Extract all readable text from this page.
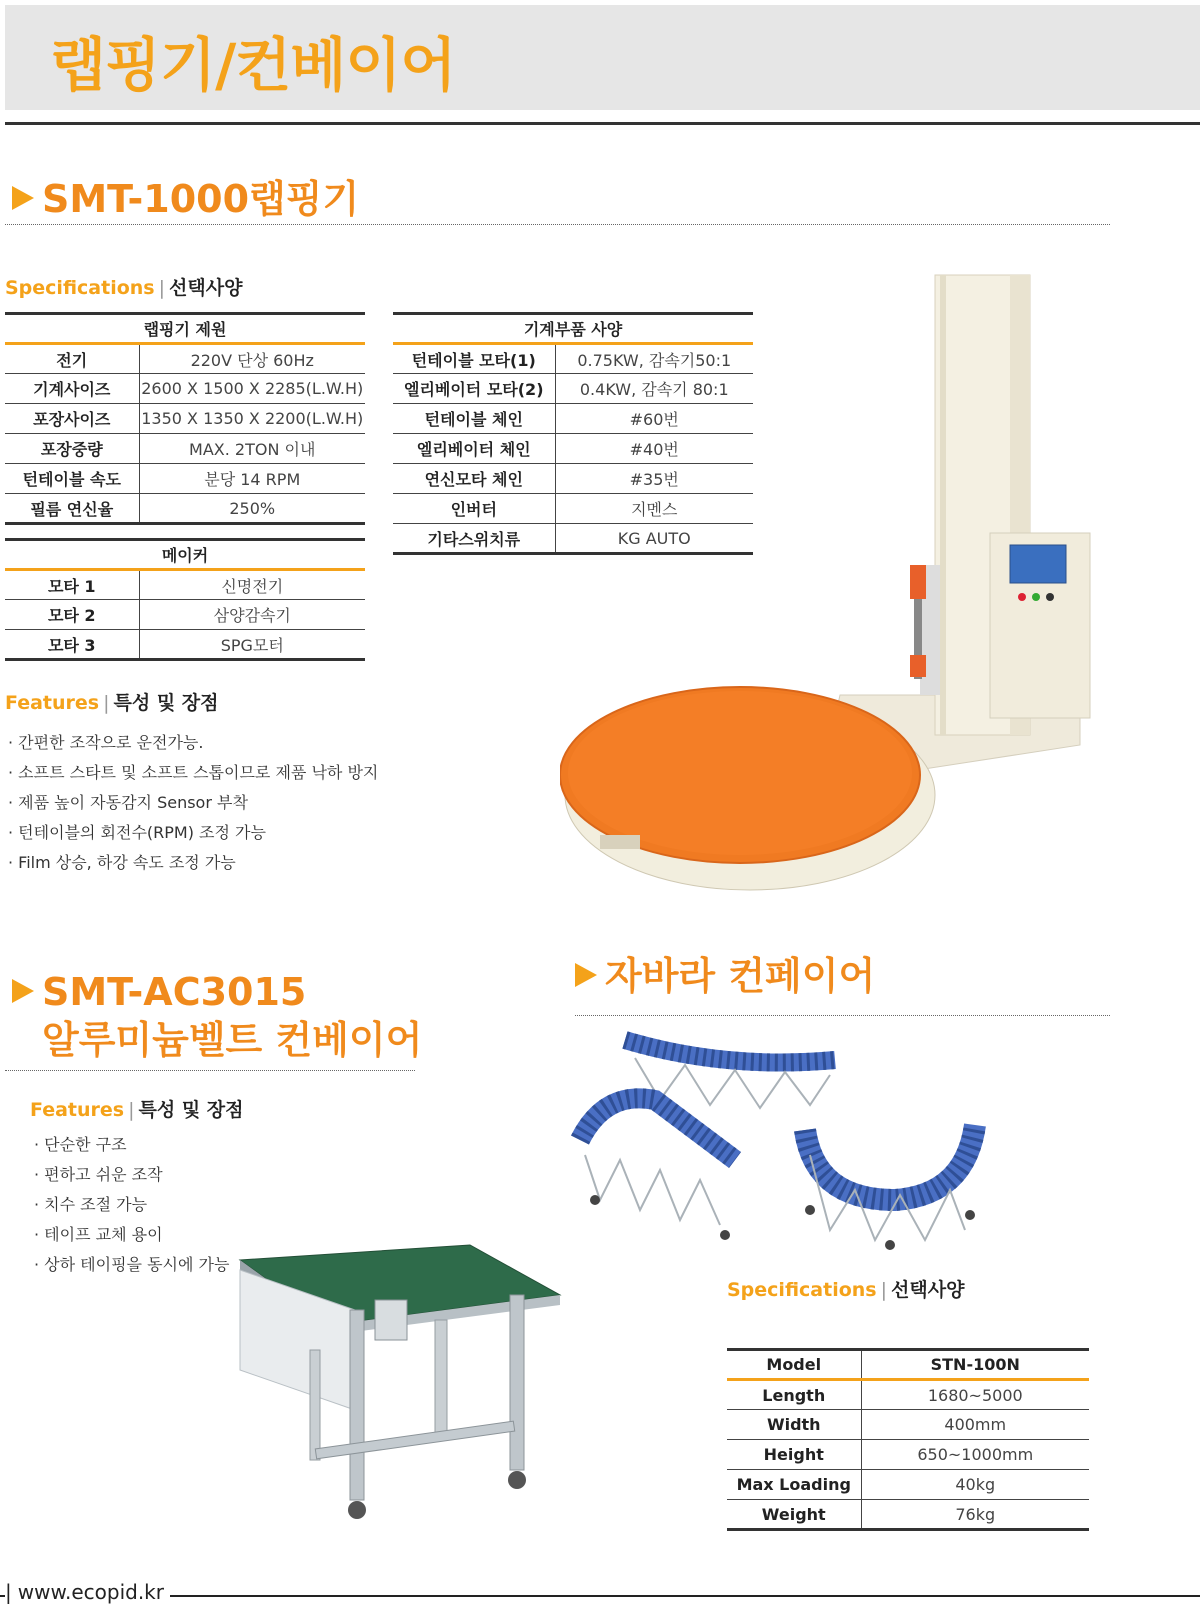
랩핑기/컨베이어
SMT-1000랩핑기
Specifications | 선택사양
랩핑기 제원	
전기	220V 단상 60Hz
기계사이즈	2600 X 1500 X 2285(L.W.H)
포장사이즈	1350 X 1350 X 2200(L.W.H)
포장중량	MAX. 2TON 이내
턴테이블 속도	분당 14 RPM
필름 연신율	250%
메이커	
모타 1	신명전기
모타 2	삼양감속기
모타 3	SPG모터
기계부품 사양	
턴테이블 모타(1)	0.75KW, 감속기50:1
엘리베이터 모타(2)	0.4KW, 감속기 80:1
턴테이블 체인	#60번
엘리베이터 체인	#40번
연신모타 체인	#35번
인버터	지멘스
기타스위치류	KG AUTO
Features | 특성 및 장점
· 간편한 조작으로 운전가능.
· 소프트 스타트 및 소프트 스톱이므로 제품 낙하 방지
· 제품 높이 자동감지 Sensor 부착
· 턴테이블의 회전수(RPM) 조정 가능
· Film 상승, 하강 속도 조정 가능
SMT-AC3015
알루미늄벨트 컨베이어
Features | 특성 및 장점
· 단순한 구조
· 편하고 쉬운 조작
· 치수 조절 가능
· 테이프 교체 용이
· 상하 테이핑을 동시에 가능
자바라 컨페이어
Specifications | 선택사양
Model	STN-100N
Length	1680~5000
Width	400mm
Height	650~1000mm
Max Loading	40kg
Weight	76kg
| www.ecopid.kr
